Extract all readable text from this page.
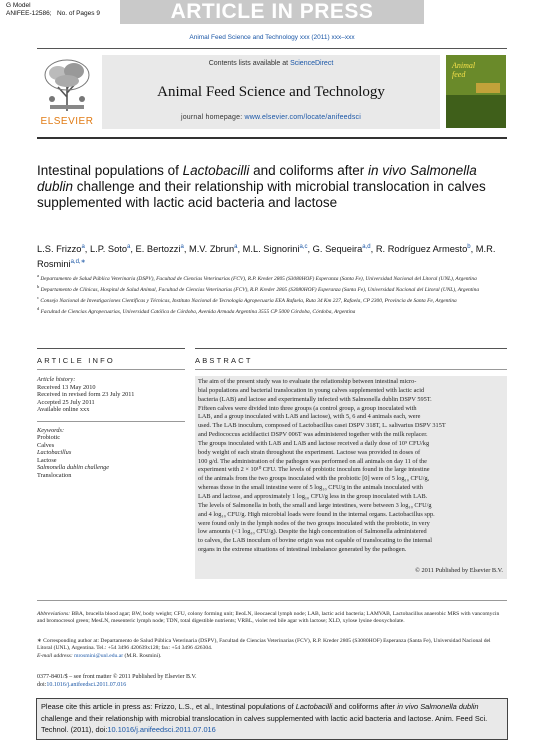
G Model
ANIFEE-12586; No. of Pages 9	ARTICLE IN PRESS
Animal Feed Science and Technology xxx (2011) xxx–xxx
ELSEVIER
Contents lists available at ScienceDirect
Animal Feed Science and Technology
journal homepage: www.elsevier.com/locate/anifeedsci
Animal
feed
Intestinal populations of Lactobacilli and coliforms after in vivo Salmonella dublin challenge and their relationship with microbial translocation in calves supplemented with lactic acid bacteria and lactose
L.S. Frizzo$^a$, L.P. Soto$^a$, E. Bertozzi$^a$, M.V. Zbrun$^a$, M.L. Signorini$^{a,c}$, G. Sequeira$^{a,d}$, R. Rodríguez Armesto$^b$, M.R. Rosmini$^{a,d,∗}$
$^a$ Departamento de Salud Pública Veterinaria (DSPV), Facultad de Ciencias Veterinarias (FCV), R.P. Kreder 2805 (S3080HOF) Esperanza (Santa Fe), Universidad Nacional del Litoral (UNL), Argentina
$^b$ Departamento de Clínicas, Hospital de Salud Animal, Facultad de Ciencias Veterinarias (FCV), R.P. Kreder 2805 (S3080HOF) Esperanza (Santa Fe), Universidad Nacional del Litoral (UNL), Argentina
$^c$ Consejo Nacional de Investigaciones Científicas y Técnicas, Instituto Nacional de Tecnología Agropecuaria EEA Rafaela, Ruta 34 Km 227, Rafaela, CP 2300, Provincia de Santa Fe, Argentina
$^d$ Facultad de Ciencias Agropecuarias, Universidad Católica de Córdoba, Avenida Armada Argentina 3555 CP 5000 Córdoba, Córdoba, Argentina
ARTICLE INFO	ABSTRACT
Article history:
Received 13 May 2010
Received in revised form 23 July 2011
Accepted 25 July 2011
Available online xxx
Keywords:
Probiotic
Calves
Lactobacillus
Lactose
Salmonella dublin challenge
Translocation
The aim of the present study was to evaluate the relationship between intestinal micro-
bial populations and bacterial translocation in young calves supplemented with lactic acid
bacteria (LAB) and lactose and experimentally infected with Salmonella dublin DSPV 595T.
Fifteen calves were divided into three groups (a control group, a group inoculated with
LAB, and a group inoculated with LAB and lactose), with 5, 6 and 4 animals each, were
used. The LAB inoculum, composed of Lactobacillus casei DSPV 318T, L. salivarius DSPV 315T
and Pediococcus acidilactici DSPV 006T was administered together with the milk replacer.
The groups inoculated with LAB and LAB and lactose received a daily dose of 10⁹ CFU/kg
body weight of each strain throughout the experiment. Lactose was provided in doses of
100 g/d. The administration of the pathogen was performed on all animals on day 11 of the
experiment with 2 × 10¹⁰ CFU. The levels of probiotic inoculum found in the large intestine
of the animals from the two groups inoculated with the probiotic [0] were of 5 log₁₀ CFU/g,
whereas those in the small intestine were of 5 log₁₀ CFU/g in the animals inoculated with
LAB and lactose, and approximately 1 log₁₀ CFU/g less in the group inoculated with LAB.
The levels of Salmonella in both, the small and large intestines, were between 3 log₁₀ CFU/g
and 4 log₁₀ CFU/g. High microbial loads were found in the internal organs. Lactobacillus spp.
were found only in the lymph nodes of the two groups inoculated with the probiotic, in very
low amounts (<1 log₁₀ CFU/g). Despite the high concentration of Salmonella administered
to calves, the LAB inoculum of bovine origin was not capable of translocating to the internal
organs in the extreme situations of intestinal imbalance generated by the pathogen.
© 2011 Published by Elsevier B.V.
Abbreviations: BBA, brucella blood agar; BW, body weight; CFU, colony forming unit; IleoLN, ileocaecal lymph node; LAB, lactic acid bacteria; LAMVAB, Lactobacillus anaerobic MRS with vancomycin and bromocresol green; MesLN, mesenteric lymph node; TDN, total digestible nutrients; VRBL, violet red bile agar with lactose; XLD, xylose lysine deoxycholate.
∗ Corresponding author at: Departamento de Salud Pública Veterinaria (DSPV), Facultad de Ciencias Veterinarias (FCV), R.P. Kreder 2805 (S3080HOF) Esperanza (Santa Fe), Universidad Nacional del Litoral (UNL), Argentina. Tel.: +54 3496 420639x128; fax: +54 3496 426304.
E-mail address: mrosmini@unl.edu.ar (M.R. Rosmini).
0377-8401/$ – see front matter © 2011 Published by Elsevier B.V.
doi:10.1016/j.anifeedsci.2011.07.016
Please cite this article in press as: Frizzo, L.S., et al., Intestinal populations of Lactobacilli and coliforms after in vivo Salmonella dublin challenge and their relationship with microbial translocation in calves supplemented with lactic acid bacteria and lactose. Anim. Feed Sci. Technol. (2011), doi:10.1016/j.anifeedsci.2011.07.016
